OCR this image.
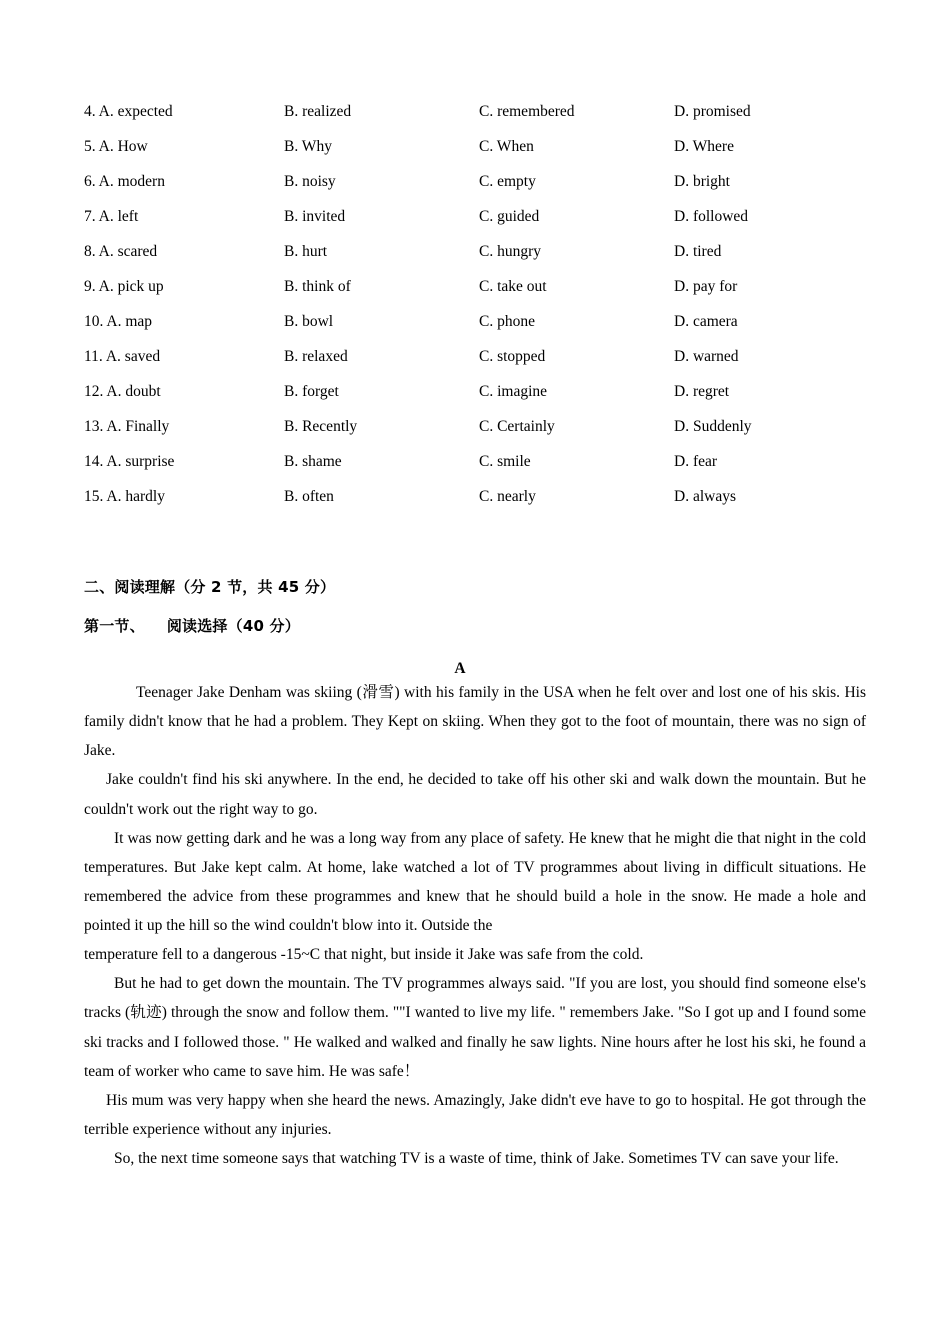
4. A. expected	B. realized	C. remembered	D. promised
5. A. How	B. Why	C. When	D. Where
6. A. modern	B. noisy	C. empty	D. bright
7. A. left	B. invited	C. guided	D. followed
8. A. scared	B. hurt	C. hungry	D. tired
9. A. pick up	B. think of	C. take out	D. pay for
10. A. map	B. bowl	C. phone	D. camera
11. A. saved	B. relaxed	C. stopped	D. warned
12. A. doubt	B. forget	C. imagine	D. regret
13. A. Finally	B. Recently	C. Certainly	D. Suddenly
14. A. surprise	B. shame	C. smile	D. fear
15. A. hardly	B. often	C. nearly	D. always
二、阅读理解（分 2 节，共 45 分）
第一节、 阅读选择（40 分）
A

Teenager Jake Denham was skiing (滑雪) with his family in the USA when he felt over and lost one of his skis. His family didn't know that he had a problem. They Kept on skiing. When they got to the foot of mountain, there was no sign of Jake.

Jake couldn't find his ski anywhere. In the end, he decided to take off his other ski and walk down the mountain. But he couldn't work out the right way to go.

It was now getting dark and he was a long way from any place of safety. He knew that he might die that night in the cold temperatures. But Jake kept calm. At home, lake watched a lot of TV programmes about living in difficult situations. He remembered the advice from these programmes and knew that he should build a hole in the snow. He made a hole and pointed it up the hill so the wind couldn't blow into it. Outside the

temperature fell to a dangerous -15~C that night, but inside it Jake was safe from the cold.

But he had to get down the mountain. The TV programmes always said. "If you are lost, you should find someone else's tracks (轨迹) through the snow and follow them. ""I wanted to live my life. " remembers Jake. "So I got up and I found some ski tracks and I followed those. " He walked and walked and finally he saw lights. Nine hours after he lost his ski, he found a team of worker who came to save him. He was safe！

His mum was very happy when she heard the news. Amazingly, Jake didn't eve have to go to hospital. He got through the terrible experience without any injuries.

So, the next time someone says that watching TV is a waste of time, think of Jake. Sometimes TV can save your life.
